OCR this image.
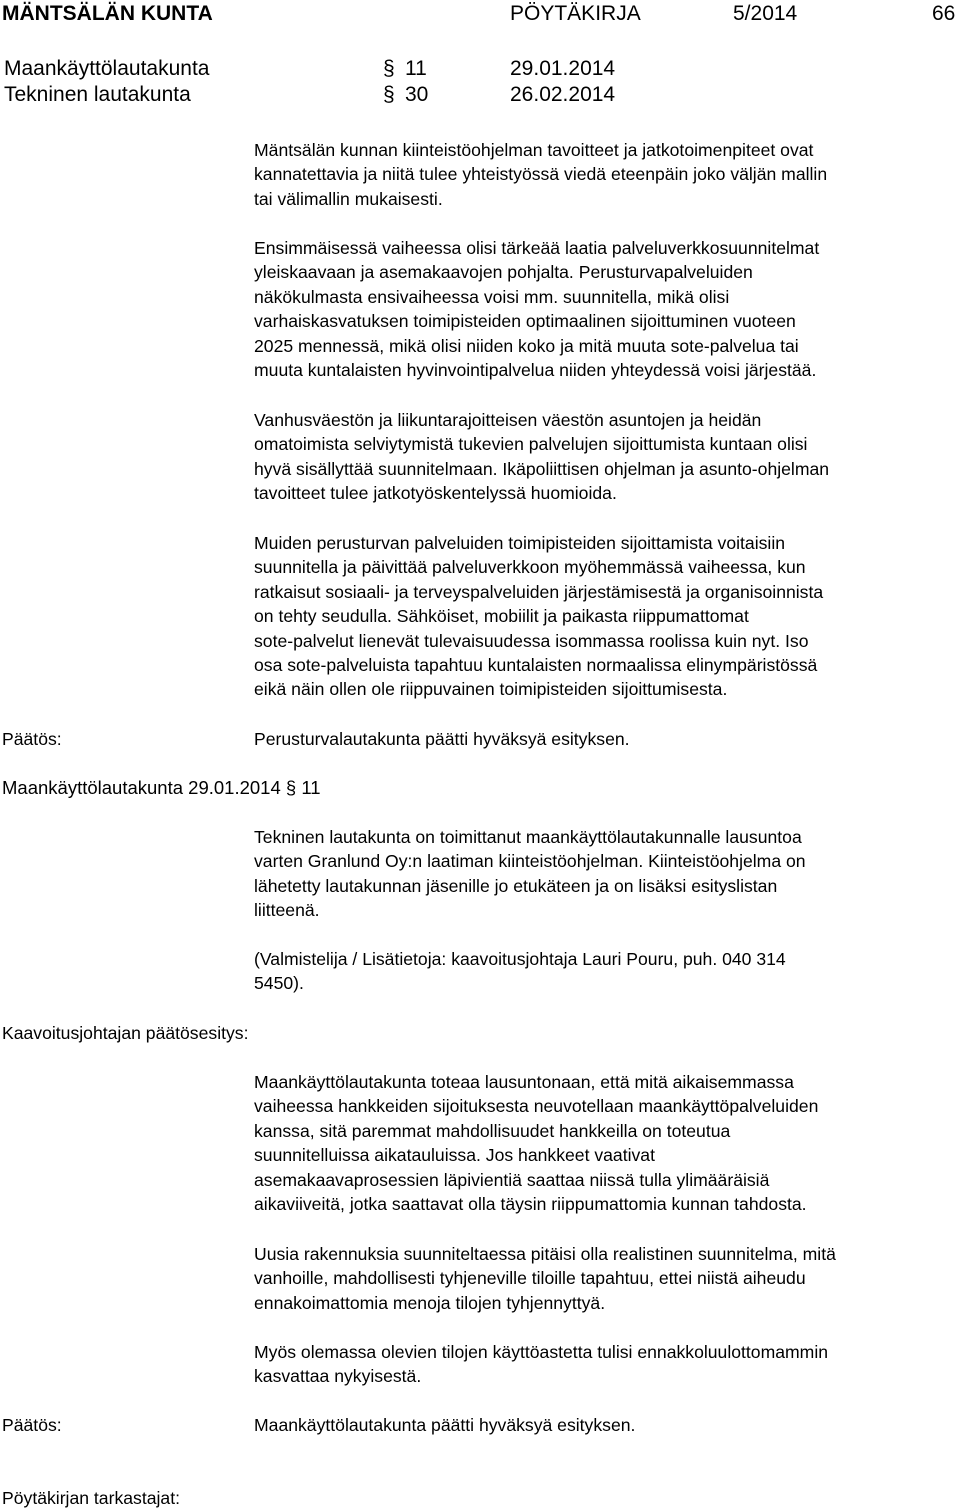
MÄNTSÄLÄN KUNTA	PÖYTÄKIRJA	5/2014	66
Maankäyttölautakunta	§ 11	29.01.2014
Tekninen lautakunta	§ 30	26.02.2014
Mäntsälän kunnan kiinteistöohjelman tavoitteet ja jatkotoimenpiteet ovat
kannatettavia ja niitä tulee yhteistyössä viedä eteenpäin joko väljän mallin
tai välimallin mukaisesti.
Ensimmäisessä vaiheessa olisi tärkeää laatia palveluverkkosuunnitelmat
yleiskaavaan ja asemakaavojen pohjalta. Perusturvapalveluiden
näkökulmasta ensivaiheessa voisi mm. suunnitella, mikä olisi
varhaiskasvatuksen toimipisteiden optimaalinen sijoittuminen vuoteen
2025 mennessä, mikä olisi niiden koko ja mitä muuta sote-palvelua tai
muuta kuntalaisten hyvinvointipalvelua niiden yhteydessä voisi järjestää.
Vanhusväestön ja liikuntarajoitteisen väestön asuntojen ja heidän
omatoimista selviytymistä tukevien palvelujen sijoittumista kuntaan olisi
hyvä sisällyttää suunnitelmaan. Ikäpoliittisen ohjelman ja asunto-ohjelman
tavoitteet tulee jatkotyöskentelyssä huomioida.
Muiden perusturvan palveluiden toimipisteiden sijoittamista voitaisiin
suunnitella ja päivittää palveluverkkoon myöhemmässä vaiheessa, kun
ratkaisut sosiaali- ja terveyspalveluiden järjestämisestä ja organisoinnista
on tehty seudulla. Sähköiset, mobiilit ja paikasta riippumattomat
sote-palvelut lienevät tulevaisuudessa isommassa roolissa kuin nyt. Iso
osa sote-palveluista tapahtuu kuntalaisten normaalissa elinympäristössä
eikä näin ollen ole riippuvainen toimipisteiden sijoittumisesta.
Päätös:	Perusturvalautakunta päätti hyväksyä esityksen.
Maankäyttölautakunta 29.01.2014 § 11
Tekninen lautakunta on toimittanut maankäyttölautakunnalle lausuntoa
varten Granlund Oy:n laatiman kiinteistöohjelman. Kiinteistöohjelma on
lähetetty lautakunnan jäsenille jo etukäteen ja on lisäksi esityslistan
liitteenä.
(Valmistelija / Lisätietoja: kaavoitusjohtaja Lauri Pouru, puh. 040 314
5450).
Kaavoitusjohtajan päätösesitys:
Maankäyttölautakunta toteaa lausuntonaan, että mitä aikaisemmassa
vaiheessa hankkeiden sijoituksesta neuvotellaan maankäyttöpalveluiden
kanssa, sitä paremmat mahdollisuudet hankkeilla on toteutua
suunnitelluissa aikatauluissa. Jos hankkeet vaativat
asemakaavaprosessien läpivientiä saattaa niissä tulla ylimääräisiä
aikaviiveitä, jotka saattavat olla täysin riippumattomia kunnan tahdosta.
Uusia rakennuksia suunniteltaessa pitäisi olla realistinen suunnitelma, mitä
vanhoille, mahdollisesti tyhjeneville tiloille tapahtuu, ettei niistä aiheudu
ennakoimattomia menoja tilojen tyhjennyttyä.
Myös olemassa olevien tilojen käyttöastetta tulisi ennakkoluulottomammin
kasvattaa nykyisestä.
Päätös:	Maankäyttölautakunta päätti hyväksyä esityksen.
Pöytäkirjan tarkastajat:
